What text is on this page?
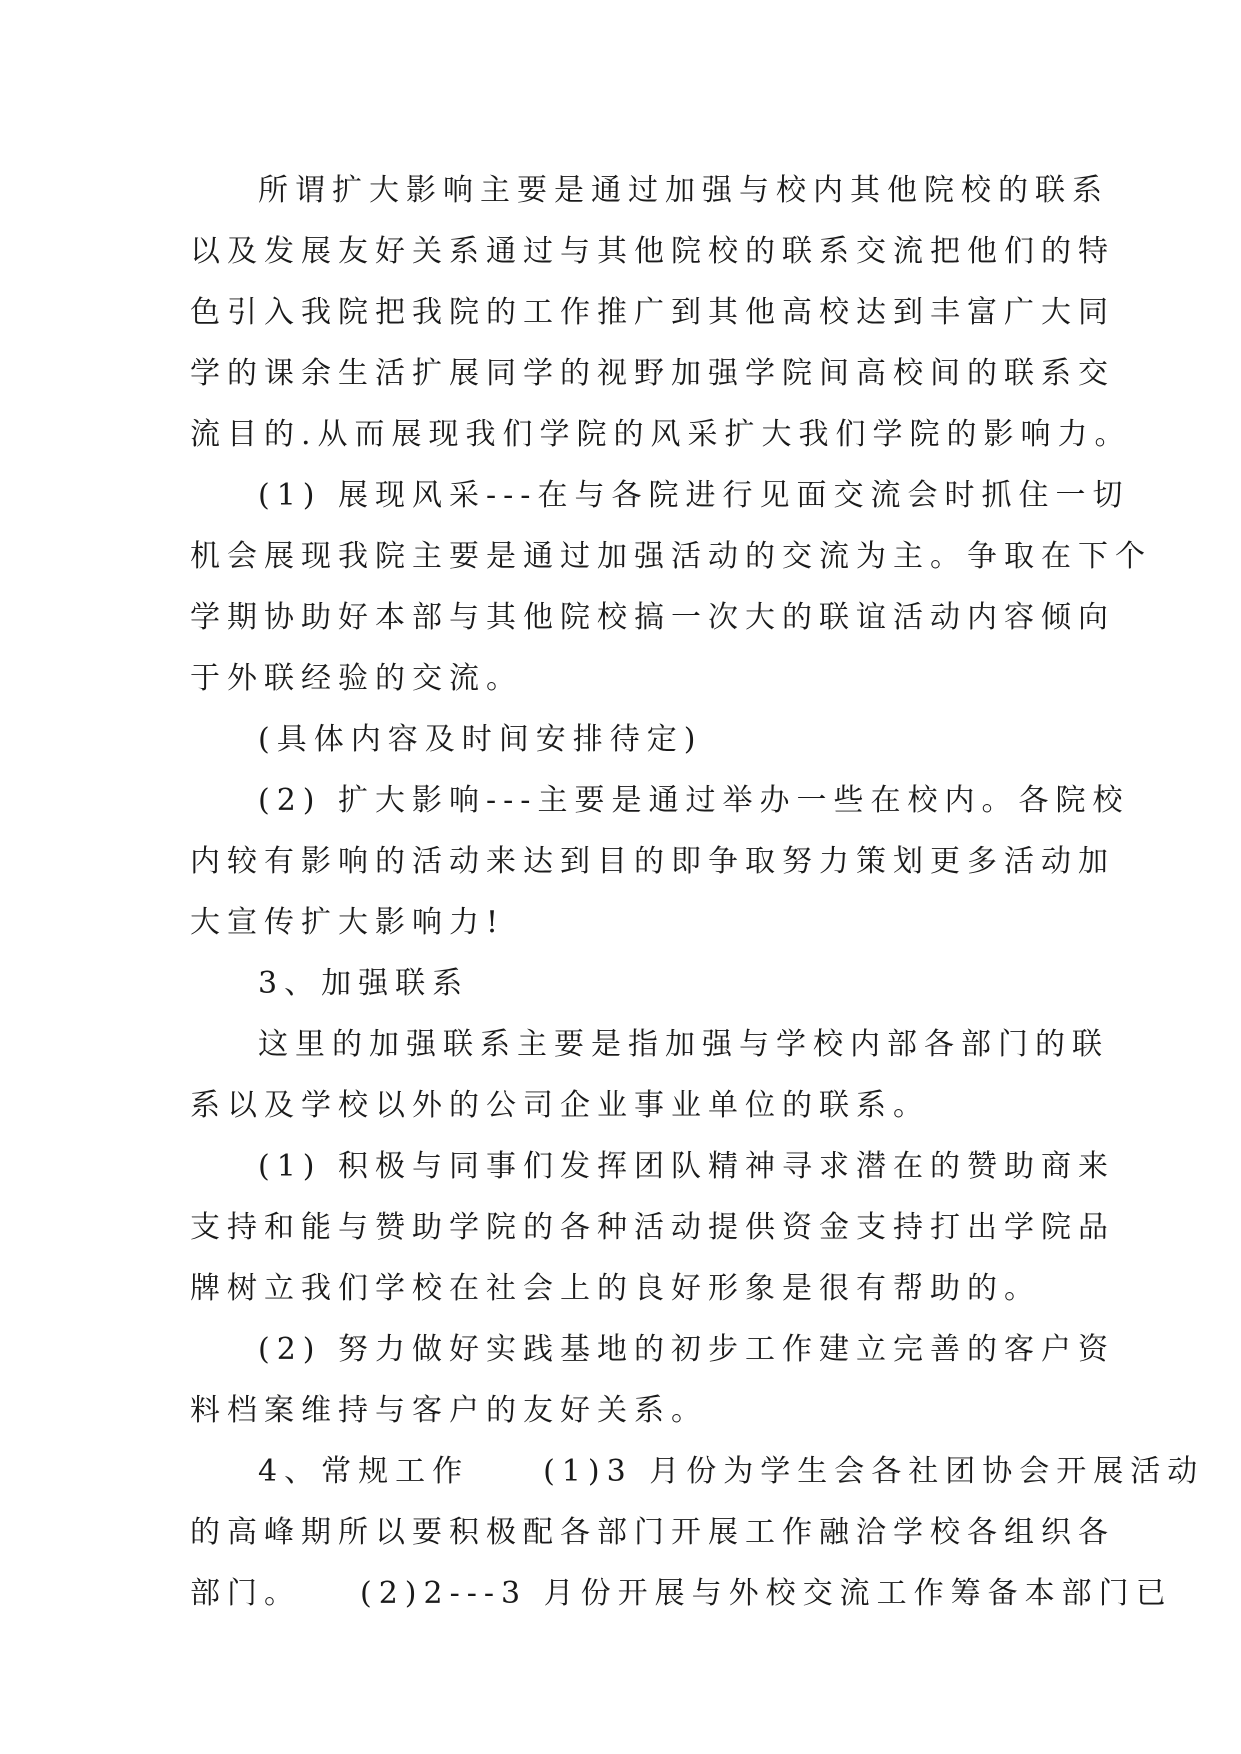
所谓扩大影响主要是通过加强与校内其他院校的联系
以及发展友好关系通过与其他院校的联系交流把他们的特
色引入我院把我院的工作推广到其他高校达到丰富广大同
学的课余生活扩展同学的视野加强学院间高校间的联系交
流目的.从而展现我们学院的风采扩大我们学院的影响力。
(1) 展现风采---在与各院进行见面交流会时抓住一切
机会展现我院主要是通过加强活动的交流为主。争取在下个
学期协助好本部与其他院校搞一次大的联谊活动内容倾向
于外联经验的交流。
(具体内容及时间安排待定)
(2) 扩大影响---主要是通过举办一些在校内。各院校
内较有影响的活动来达到目的即争取努力策划更多活动加
大宣传扩大影响力!
3、加强联系
这里的加强联系主要是指加强与学校内部各部门的联
系以及学校以外的公司企业事业单位的联系。
(1) 积极与同事们发挥团队精神寻求潜在的赞助商来
支持和能与赞助学院的各种活动提供资金支持打出学院品
牌树立我们学校在社会上的良好形象是很有帮助的。
(2) 努力做好实践基地的初步工作建立完善的客户资
料档案维持与客户的友好关系。
4、常规工作　　(1)3 月份为学生会各社团协会开展活动
的高峰期所以要积极配各部门开展工作融洽学校各组织各
部门。　　(2)2---3 月份开展与外校交流工作筹备本部门已
